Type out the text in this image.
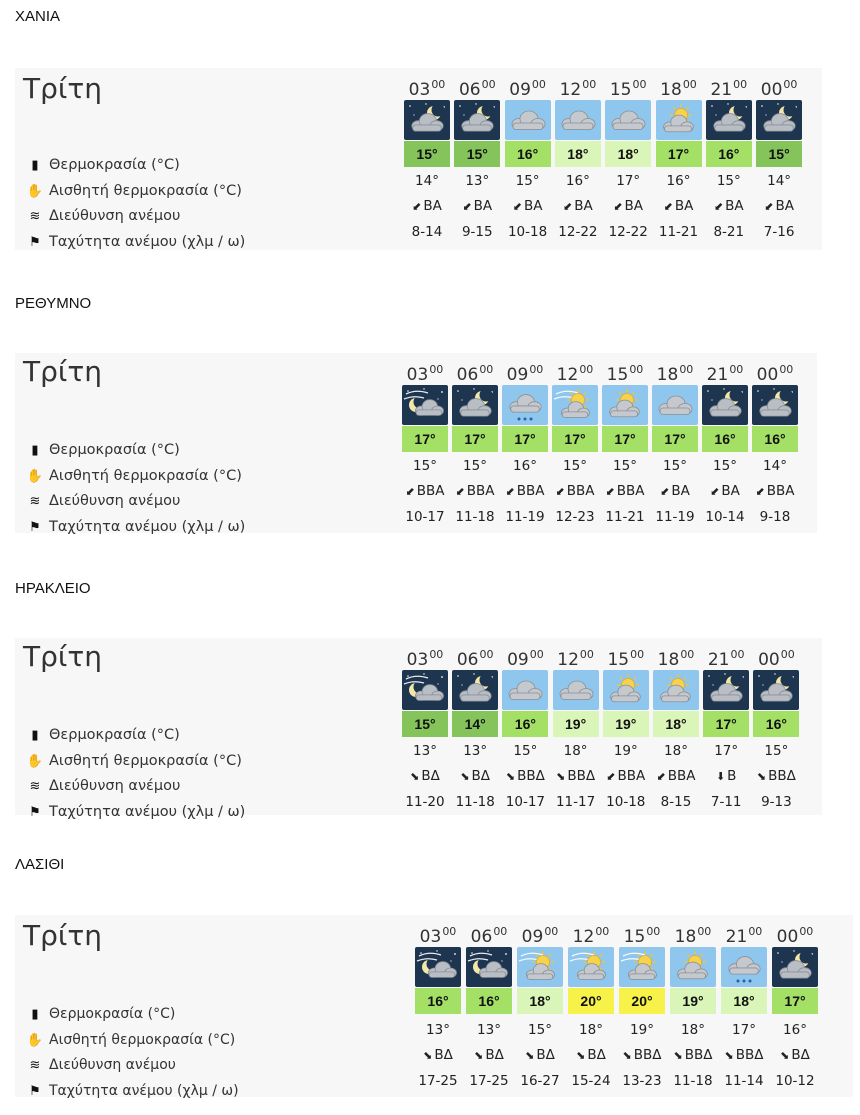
ΧΑΝΙΑ
Τρίτη
▮ Θερμοκρασία (°C)
✋ Αισθητή θερμοκρασία (°C)
≋ Διεύθυνση ανέμου
⚑ Ταχύτητα ανέμου (χλμ / ω)
$03^{00}$
15°
14°
⬋ ΒΑ
8-14
$06^{00}$
15°
13°
⬋ ΒΑ
9-15
$09^{00}$
16°
15°
⬋ ΒΑ
10-18
$12^{00}$
18°
16°
⬋ ΒΑ
12-22
$15^{00}$
18°
17°
⬋ ΒΑ
12-22
$18^{00}$
17°
16°
⬋ ΒΑ
11-21
$21^{00}$
16°
15°
⬋ ΒΑ
8-21
$00^{00}$
15°
14°
⬋ ΒΑ
7-16
ΡΕΘΥΜΝΟ
Τρίτη
▮ Θερμοκρασία (°C)
✋ Αισθητή θερμοκρασία (°C)
≋ Διεύθυνση ανέμου
⚑ Ταχύτητα ανέμου (χλμ / ω)
$03^{00}$
17°
15°
⬋ ΒΒΑ
10-17
$06^{00}$
17°
15°
⬋ ΒΒΑ
11-18
$09^{00}$
17°
16°
⬋ ΒΒΑ
11-19
$12^{00}$
17°
15°
⬋ ΒΒΑ
12-23
$15^{00}$
17°
15°
⬋ ΒΒΑ
11-21
$18^{00}$
17°
15°
⬋ ΒΑ
11-19
$21^{00}$
16°
15°
⬋ ΒΑ
10-14
$00^{00}$
16°
14°
⬋ ΒΒΑ
9-18
ΗΡΑΚΛΕΙΟ
Τρίτη
▮ Θερμοκρασία (°C)
✋ Αισθητή θερμοκρασία (°C)
≋ Διεύθυνση ανέμου
⚑ Ταχύτητα ανέμου (χλμ / ω)
$03^{00}$
15°
13°
⬊ ΒΔ
11-20
$06^{00}$
14°
13°
⬊ ΒΔ
11-18
$09^{00}$
16°
15°
⬊ ΒΒΔ
10-17
$12^{00}$
19°
18°
⬊ ΒΒΔ
11-17
$15^{00}$
19°
19°
⬋ ΒΒΑ
10-18
$18^{00}$
18°
18°
⬋ ΒΒΑ
8-15
$21^{00}$
17°
17°
⬇ Β
7-11
$00^{00}$
16°
15°
⬊ ΒΒΔ
9-13
ΛΑΣΙΘΙ
Τρίτη
▮ Θερμοκρασία (°C)
✋ Αισθητή θερμοκρασία (°C)
≋ Διεύθυνση ανέμου
⚑ Ταχύτητα ανέμου (χλμ / ω)
$03^{00}$
16°
13°
⬊ ΒΔ
17-25
$06^{00}$
16°
13°
⬊ ΒΔ
17-25
$09^{00}$
18°
15°
⬊ ΒΔ
16-27
$12^{00}$
20°
18°
⬊ ΒΔ
15-24
$15^{00}$
20°
19°
⬊ ΒΒΔ
13-23
$18^{00}$
19°
18°
⬊ ΒΒΔ
11-18
$21^{00}$
18°
17°
⬊ ΒΒΔ
11-14
$00^{00}$
17°
16°
⬊ ΒΔ
10-12
